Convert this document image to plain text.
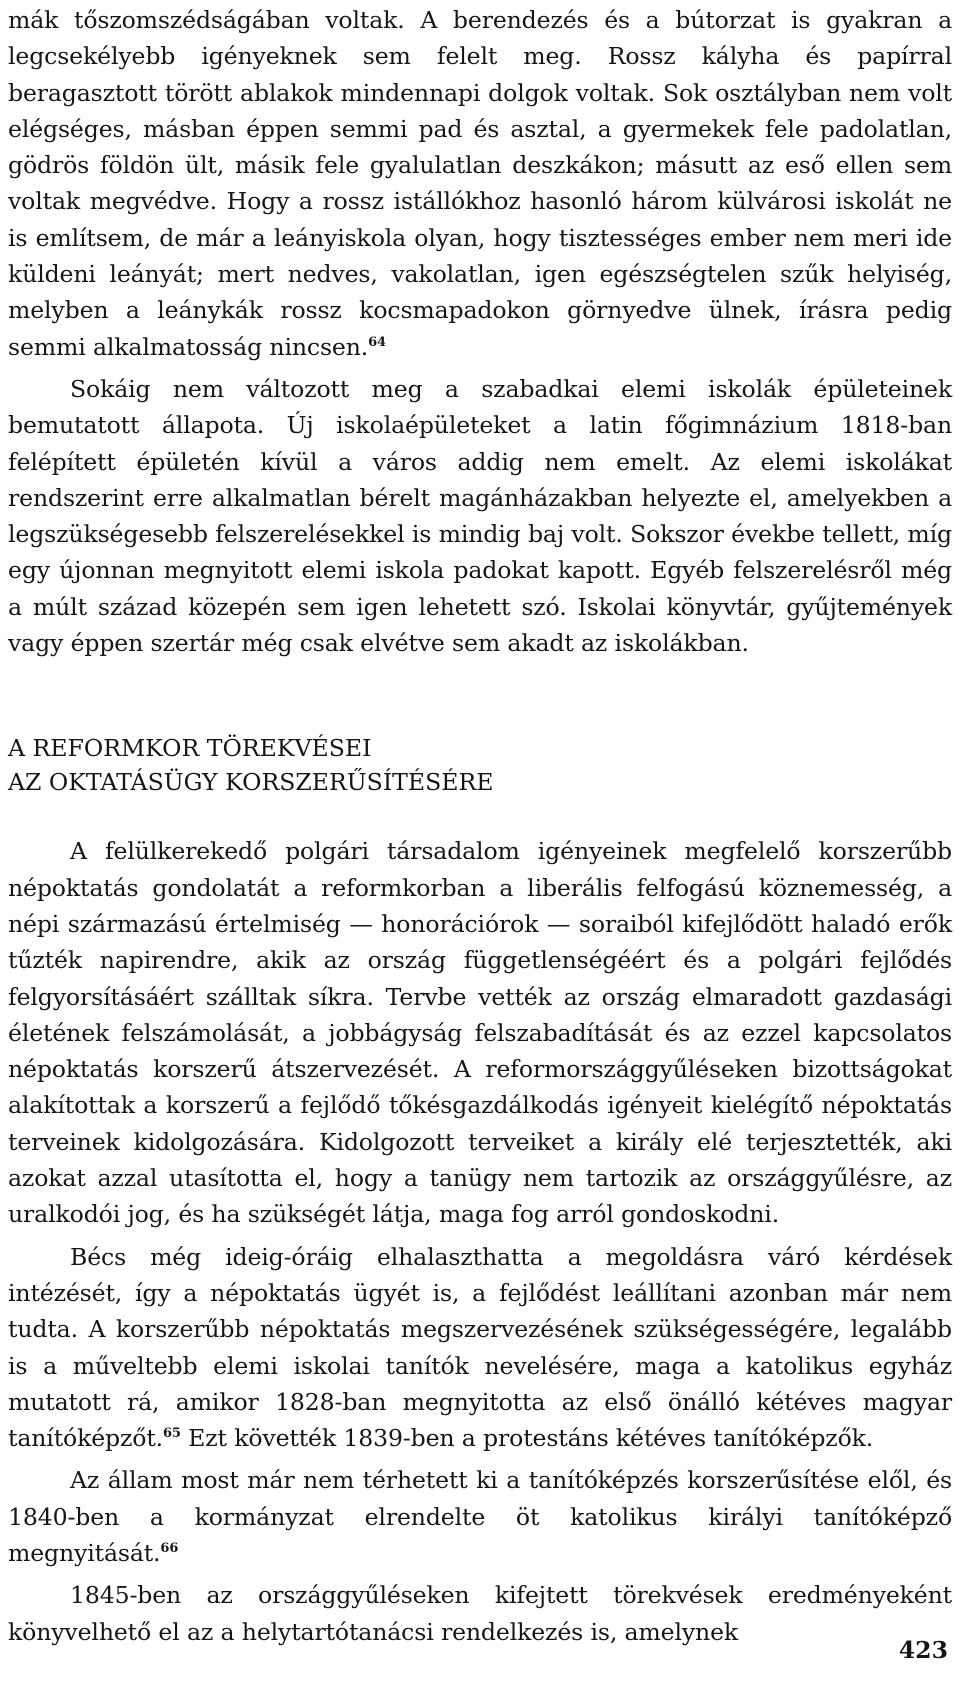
mák tőszomszédságában voltak. A berendezés és a bútorzat is gyakran a legcsekélyebb igényeknek sem felelt meg. Rossz kályha és papírral beragasztott törött ablakok mindennapi dolgok voltak. Sok osztályban nem volt elégséges, másban éppen semmi pad és asztal, a gyermekek fele padolatlan, gödrös földön ült, másik fele gyalulatlan deszkákon; másutt az eső ellen sem voltak megvédve. Hogy a rossz istállókhoz hasonló három külvárosi iskolát ne is említsem, de már a leányiskola olyan, hogy tisztességes ember nem meri ide küldeni leányát; mert nedves, vakolatlan, igen egészségtelen szűk helyiség, melyben a leánykák rossz kocsmapadokon görnyedve ülnek, írásra pedig semmi alkalmatosság nincsen.$^{64}$

Sokáig nem változott meg a szabadkai elemi iskolák épületeinek bemutatott állapota. Új iskolaépületeket a latin főgimnázium 1818-ban felépített épületén kívül a város addig nem emelt. Az elemi iskolákat rendszerint erre alkalmatlan bérelt magánházakban helyezte el, amelyekben a legszükségesebb felszerelésekkel is mindig baj volt. Sokszor évekbe tellett, míg egy újonnan megnyitott elemi iskola padokat kapott. Egyéb felszerelésről még a múlt század közepén sem igen lehetett szó. Iskolai könyvtár, gyűjtemények vagy éppen szertár még csak elvétve sem akadt az iskolákban.

A REFORMKOR TÖREKVÉSEI
AZ OKTATÁSÜGY KORSZERŰSÍTÉSÉRE

A felülkerekedő polgári társadalom igényeinek megfelelő korszerűbb népoktatás gondolatát a reformkorban a liberális felfogású köznemesség, a népi származású értelmiség — honorációrok — soraiból kifejlődött haladó erők tűzték napirendre, akik az ország függetlenségéért és a polgári fejlődés felgyorsításáért szálltak síkra. Tervbe vették az ország elmaradott gazdasági életének felszámolását, a jobbágyság felszabadítását és az ezzel kapcsolatos népoktatás korszerű átszervezését. A reformországgyűléseken bizottságokat alakítottak a korszerű a fejlődő tőkésgazdálkodás igényeit kielégítő népoktatás terveinek kidolgozására. Kidolgozott terveiket a király elé terjesztették, aki azokat azzal utasította el, hogy a tanügy nem tartozik az országgyűlésre, az uralkodói jog, és ha szükségét látja, maga fog arról gondoskodni.

Bécs még ideig-óráig elhalaszthatta a megoldásra váró kérdések intézését, így a népoktatás ügyét is, a fejlődést leállítani azonban már nem tudta. A korszerűbb népoktatás megszervezésének szükségességére, legalább is a műveltebb elemi iskolai tanítók nevelésére, maga a katolikus egyház mutatott rá, amikor 1828-ban megnyitotta az első önálló kétéves magyar tanítóképzőt.$^{65}$ Ezt követték 1839-ben a protestáns kétéves tanítóképzők.

Az állam most már nem térhetett ki a tanítóképzés korszerűsítése elől, és 1840-ben a kormányzat elrendelte öt katolikus királyi tanítóképző megnyitását.$^{66}$

1845-ben az országgyűléseken kifejtett törekvések eredményeként könyvelhető el az a helytartótanácsi rendelkezés is, amelynek

423
